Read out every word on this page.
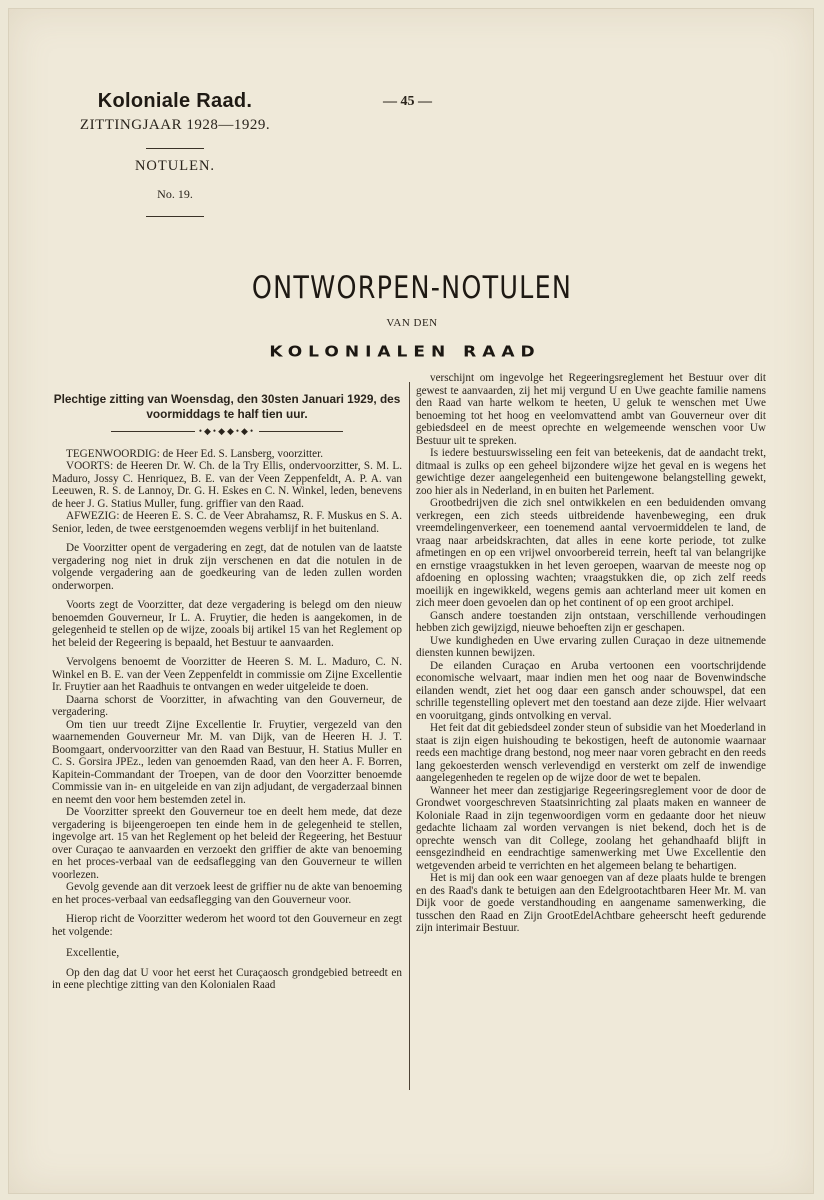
Koloniale Raad.
ZITTINGJAAR 1928—1929.
NOTULEN.
No. 19.
— 45 —
ONTWORPEN-NOTULEN
VAN DEN
KOLONIALEN RAAD
Plechtige zitting van Woensdag, den 30sten Januari 1929, des voormiddags te half tien uur.
•◆•◆◆•◆•

TEGENWOORDIG: de Heer Ed. S. Lansberg, voorzitter.

VOORTS: de Heeren Dr. W. Ch. de la Try Ellis, ondervoorzitter, S. M. L. Maduro, Jossy C. Henriquez, B. E. van der Veen Zeppenfeldt, A. P. A. van Leeuwen, R. S. de Lannoy, Dr. G. H. Eskes en C. N. Winkel, leden, benevens de heer J. G. Statius Muller, fung. griffier van den Raad.

AFWEZIG: de Heeren E. S. C. de Veer Abrahamsz, R. F. Muskus en S. A. Senior, leden, de twee eerstgenoemden wegens verblijf in het buitenland.

De Voorzitter opent de vergadering en zegt, dat de notulen van de laatste vergadering nog niet in druk zijn verschenen en dat die notulen in de volgende vergadering aan de goedkeuring van de leden zullen worden onderworpen.

Voorts zegt de Voorzitter, dat deze vergadering is belegd om den nieuw benoemden Gouverneur, Ir L. A. Fruytier, die heden is aangekomen, in de gelegenheid te stellen op de wijze, zooals bij artikel 15 van het Reglement op het beleid der Regeering is bepaald, het Bestuur te aanvaarden.

Vervolgens benoemt de Voorzitter de Heeren S. M. L. Maduro, C. N. Winkel en B. E. van der Veen Zeppenfeldt in commissie om Zijne Excellentie Ir. Fruytier aan het Raadhuis te ontvangen en weder uitgeleide te doen.

Daarna schorst de Voorzitter, in afwachting van den Gouverneur, de vergadering.

Om tien uur treedt Zijne Excellentie Ir. Fruytier, vergezeld van den waarnemenden Gouverneur Mr. M. van Dijk, van de Heeren H. J. T. Boomgaart, ondervoorzitter van den Raad van Bestuur, H. Statius Muller en C. S. Gorsira JPEz., leden van genoemden Raad, van den heer A. F. Borren, Kapitein-Commandant der Troepen, van de door den Voorzitter benoemde Commissie van in- en uitgeleide en van zijn adjudant, de vergaderzaal binnen en neemt den voor hem bestemden zetel in.

De Voorzitter spreekt den Gouverneur toe en deelt hem mede, dat deze vergadering is bijeengeroepen ten einde hem in de gelegenheid te stellen, ingevolge art. 15 van het Reglement op het beleid der Regeering, het Bestuur over Curaçao te aanvaarden en verzoekt den griffier de akte van benoeming en het proces-verbaal van de eedsaflegging van den Gouverneur te willen voorlezen.

Gevolg gevende aan dit verzoek leest de griffier nu de akte van benoeming en het proces-verbaal van eedsaflegging van den Gouverneur voor.

Hierop richt de Voorzitter wederom het woord tot den Gouverneur en zegt het volgende:

Excellentie,

Op den dag dat U voor het eerst het Curaçaosch grondgebied betreedt en in eene plechtige zitting van den Kolonialen Raad

verschijnt om ingevolge het Regeeringsreglement het Bestuur over dit gewest te aanvaarden, zij het mij vergund U en Uwe geachte familie namens den Raad van harte welkom te heeten, U geluk te wenschen met Uwe benoeming tot het hoog en veelomvattend ambt van Gouverneur over dit gebiedsdeel en de meest oprechte en welgemeende wenschen voor Uw Bestuur uit te spreken.

Is iedere bestuurswisseling een feit van beteekenis, dat de aandacht trekt, ditmaal is zulks op een geheel bijzondere wijze het geval en is wegens het gewichtige dezer aangelegenheid een buitengewone belangstelling gewekt, zoo hier als in Nederland, in en buiten het Parlement.

Grootbedrijven die zich snel ontwikkelen en een beduidenden omvang verkregen, een zich steeds uitbreidende havenbeweging, een druk vreemdelingenverkeer, een toenemend aantal vervoermiddelen te land, de vraag naar arbeidskrachten, dat alles in eene korte periode, tot zulke afmetingen en op een vrijwel onvoorbereid terrein, heeft tal van belangrijke en ernstige vraagstukken in het leven geroepen, waarvan de meeste nog op afdoening en oplossing wachten; vraagstukken die, op zich zelf reeds moeilijk en ingewikkeld, wegens gemis aan achterland meer uit komen en zich meer doen gevoelen dan op het continent of op een groot archipel.

Gansch andere toestanden zijn ontstaan, verschillende verhoudingen hebben zich gewijzigd, nieuwe behoeften zijn er geschapen.

Uwe kundigheden en Uwe ervaring zullen Curaçao in deze uitnemende diensten kunnen bewijzen.

De eilanden Curaçao en Aruba vertoonen een voortschrijdende economische welvaart, maar indien men het oog naar de Bovenwindsche eilanden wendt, ziet het oog daar een gansch ander schouwspel, dat een schrille tegenstelling oplevert met den toestand aan deze zijde. Hier welvaart en vooruitgang, ginds ontvolking en verval.

Het feit dat dit gebiedsdeel zonder steun of subsidie van het Moederland in staat is zijn eigen huishouding te bekostigen, heeft de autonomie waarnaar reeds een machtige drang bestond, nog meer naar voren gebracht en den reeds lang gekoesterden wensch verlevendigd en versterkt om zelf de inwendige aangelegenheden te regelen op de wijze door de wet te bepalen.

Wanneer het meer dan zestigjarige Regeeringsreglement voor de door de Grondwet voorgeschreven Staatsinrichting zal plaats maken en wanneer de Koloniale Raad in zijn tegenwoordigen vorm en gedaante door het nieuw gedachte lichaam zal worden vervangen is niet bekend, doch het is de oprechte wensch van dit College, zoolang het gehandhaafd blijft in eensgezindheid en eendrachtige samenwerking met Uwe Excellentie den wetgevenden arbeid te verrichten en het algemeen belang te behartigen.

Het is mij dan ook een waar genoegen van af deze plaats hulde te brengen en des Raad's dank te betuigen aan den Edelgrootachtbaren Heer Mr. M. van Dijk voor de goede verstandhouding en aangename samenwerking, die tusschen den Raad en Zijn GrootEdelAchtbare geheerscht heeft gedurende zijn interimair Bestuur.
